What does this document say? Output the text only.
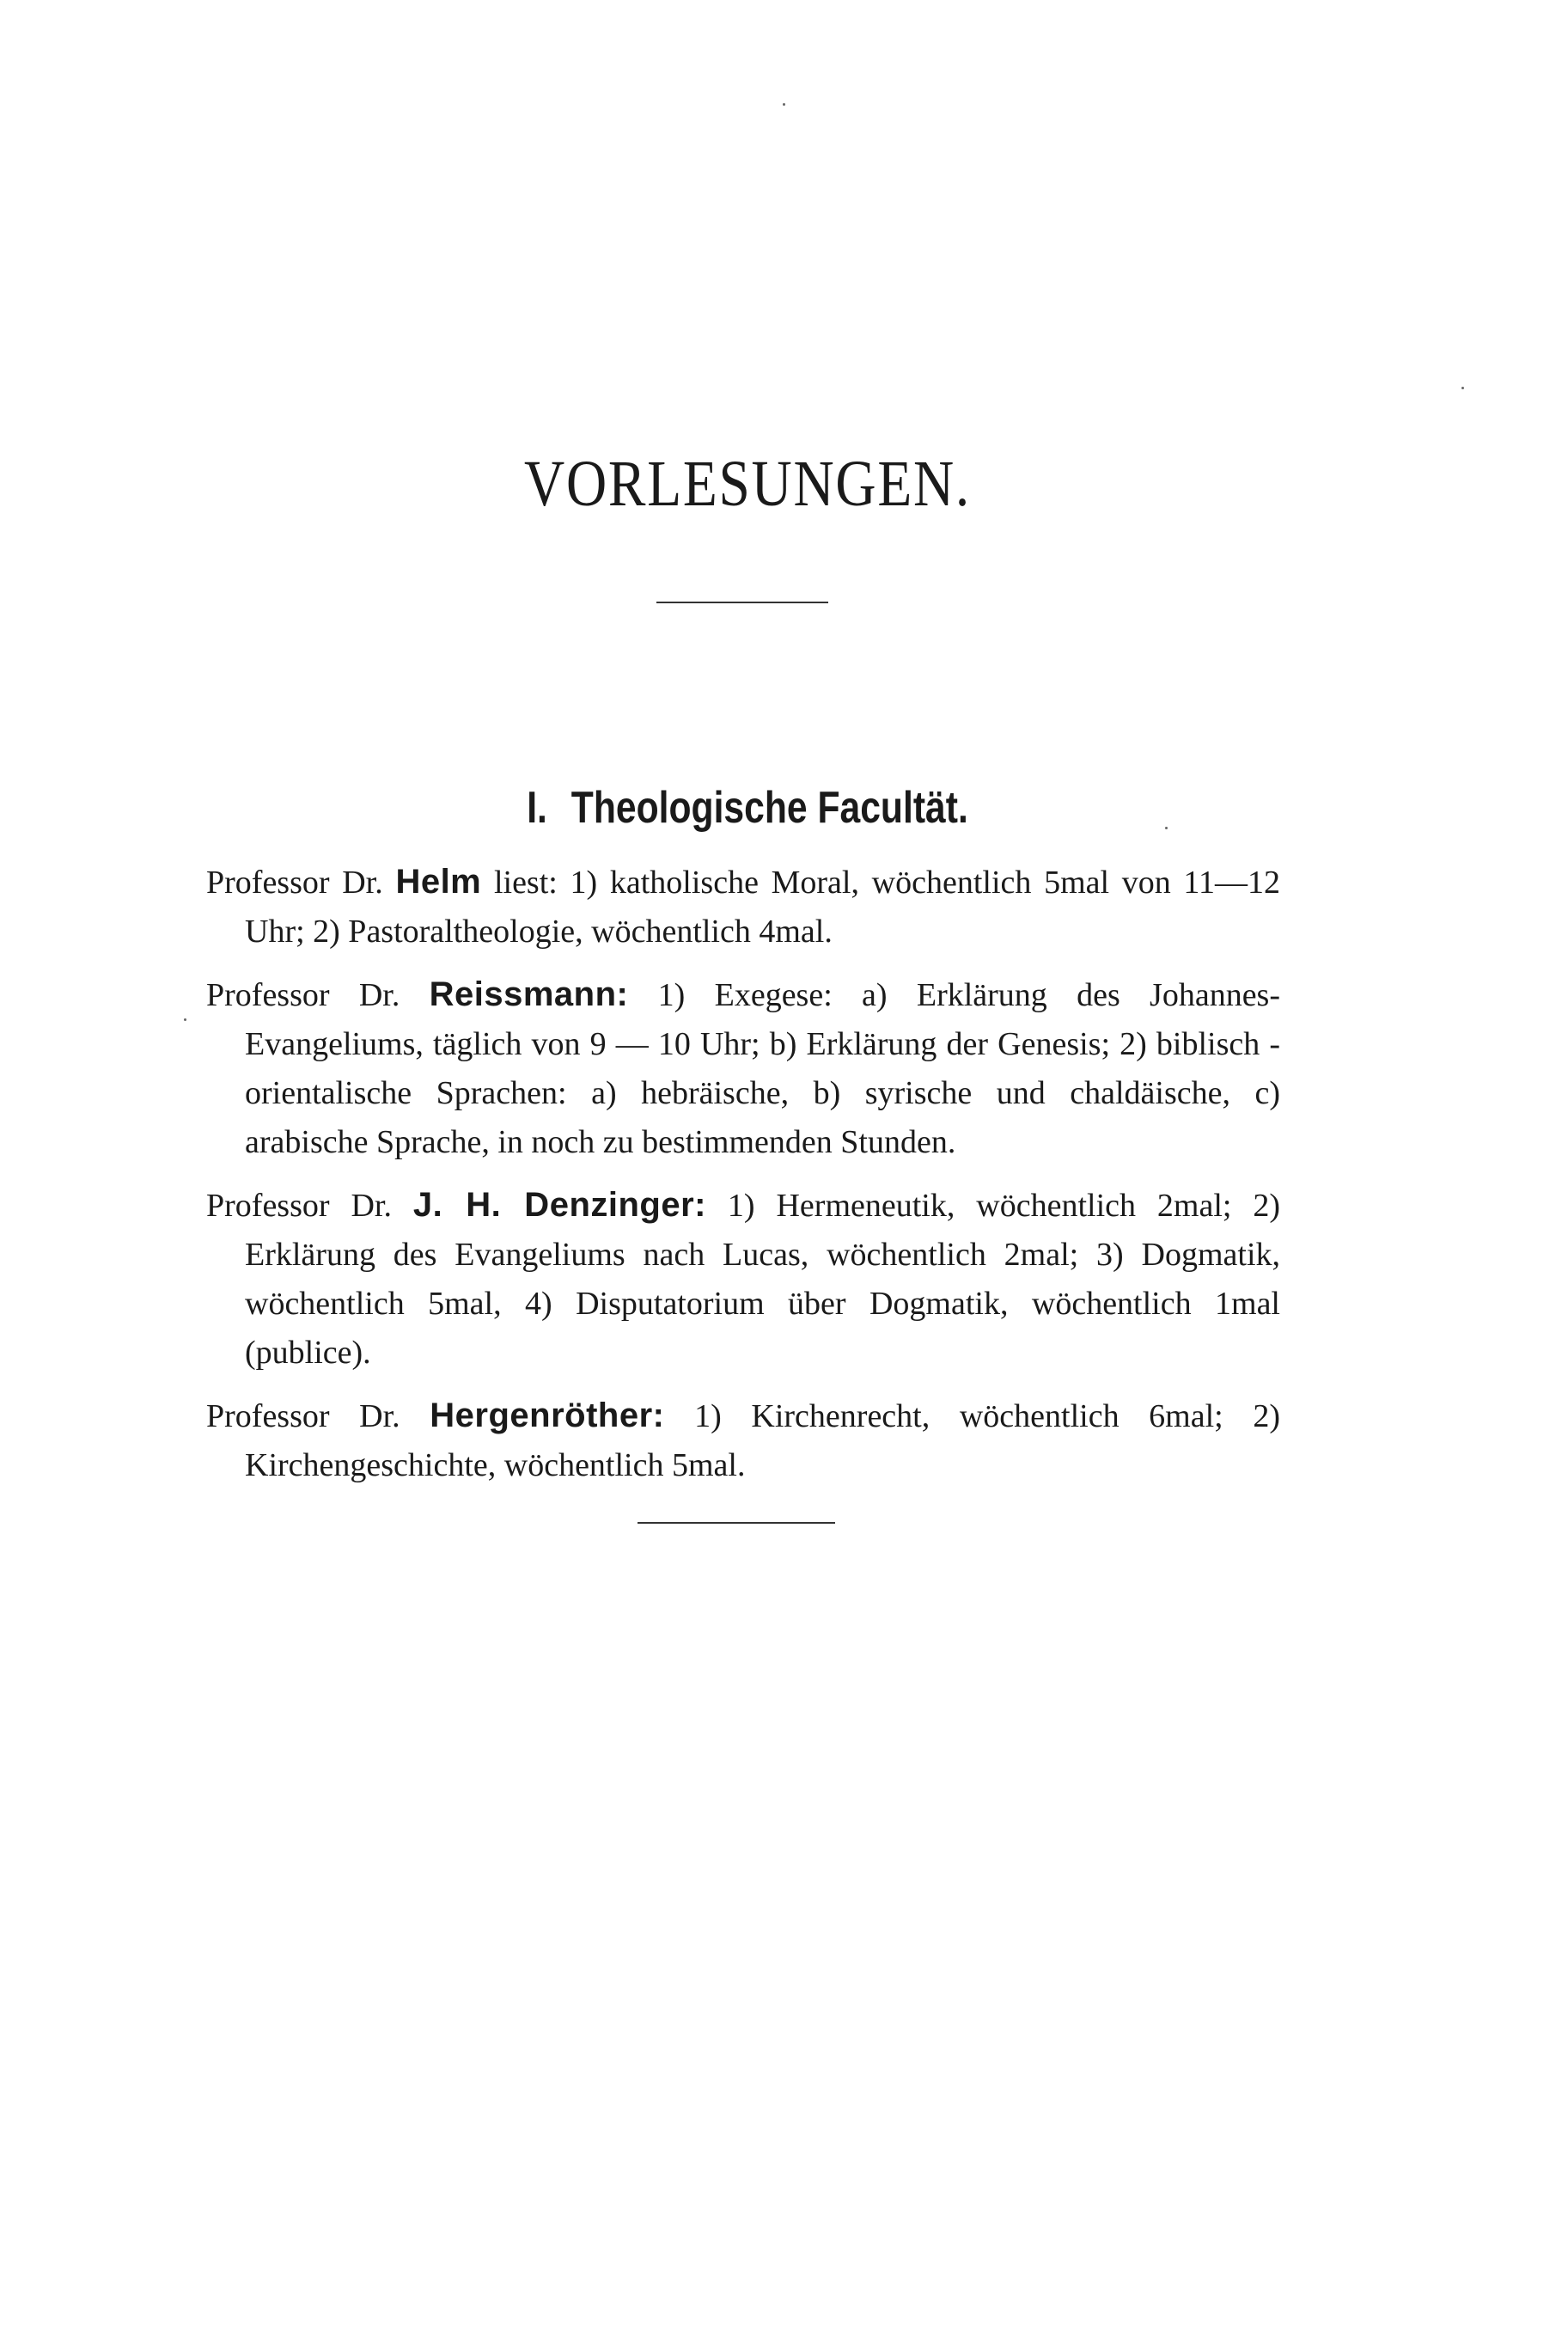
VORLESUNGEN.
I. Theologische Facultät.

Professor Dr. Helm liest: 1) katholische Moral, wöchentlich 5mal von 11—12 Uhr; 2) Pastoraltheologie, wöchentlich 4mal.

Professor Dr. Reissmann: 1) Exegese: a) Erklärung des Johannes-Evangeliums, täglich von 9 — 10 Uhr; b) Erklärung der Genesis; 2) biblisch - orientalische Sprachen: a) hebräische, b) syrische und chaldäische, c) arabische Sprache, in noch zu bestimmenden Stunden.

Professor Dr. J. H. Denzinger: 1) Hermeneutik, wöchentlich 2mal; 2) Erklärung des Evangeliums nach Lucas, wöchentlich 2mal; 3) Dogmatik, wöchentlich 5mal, 4) Disputatorium über Dogmatik, wöchentlich 1mal (publice).

Professor Dr. Hergenröther: 1) Kirchenrecht, wöchentlich 6mal; 2) Kirchengeschichte, wöchentlich 5mal.
